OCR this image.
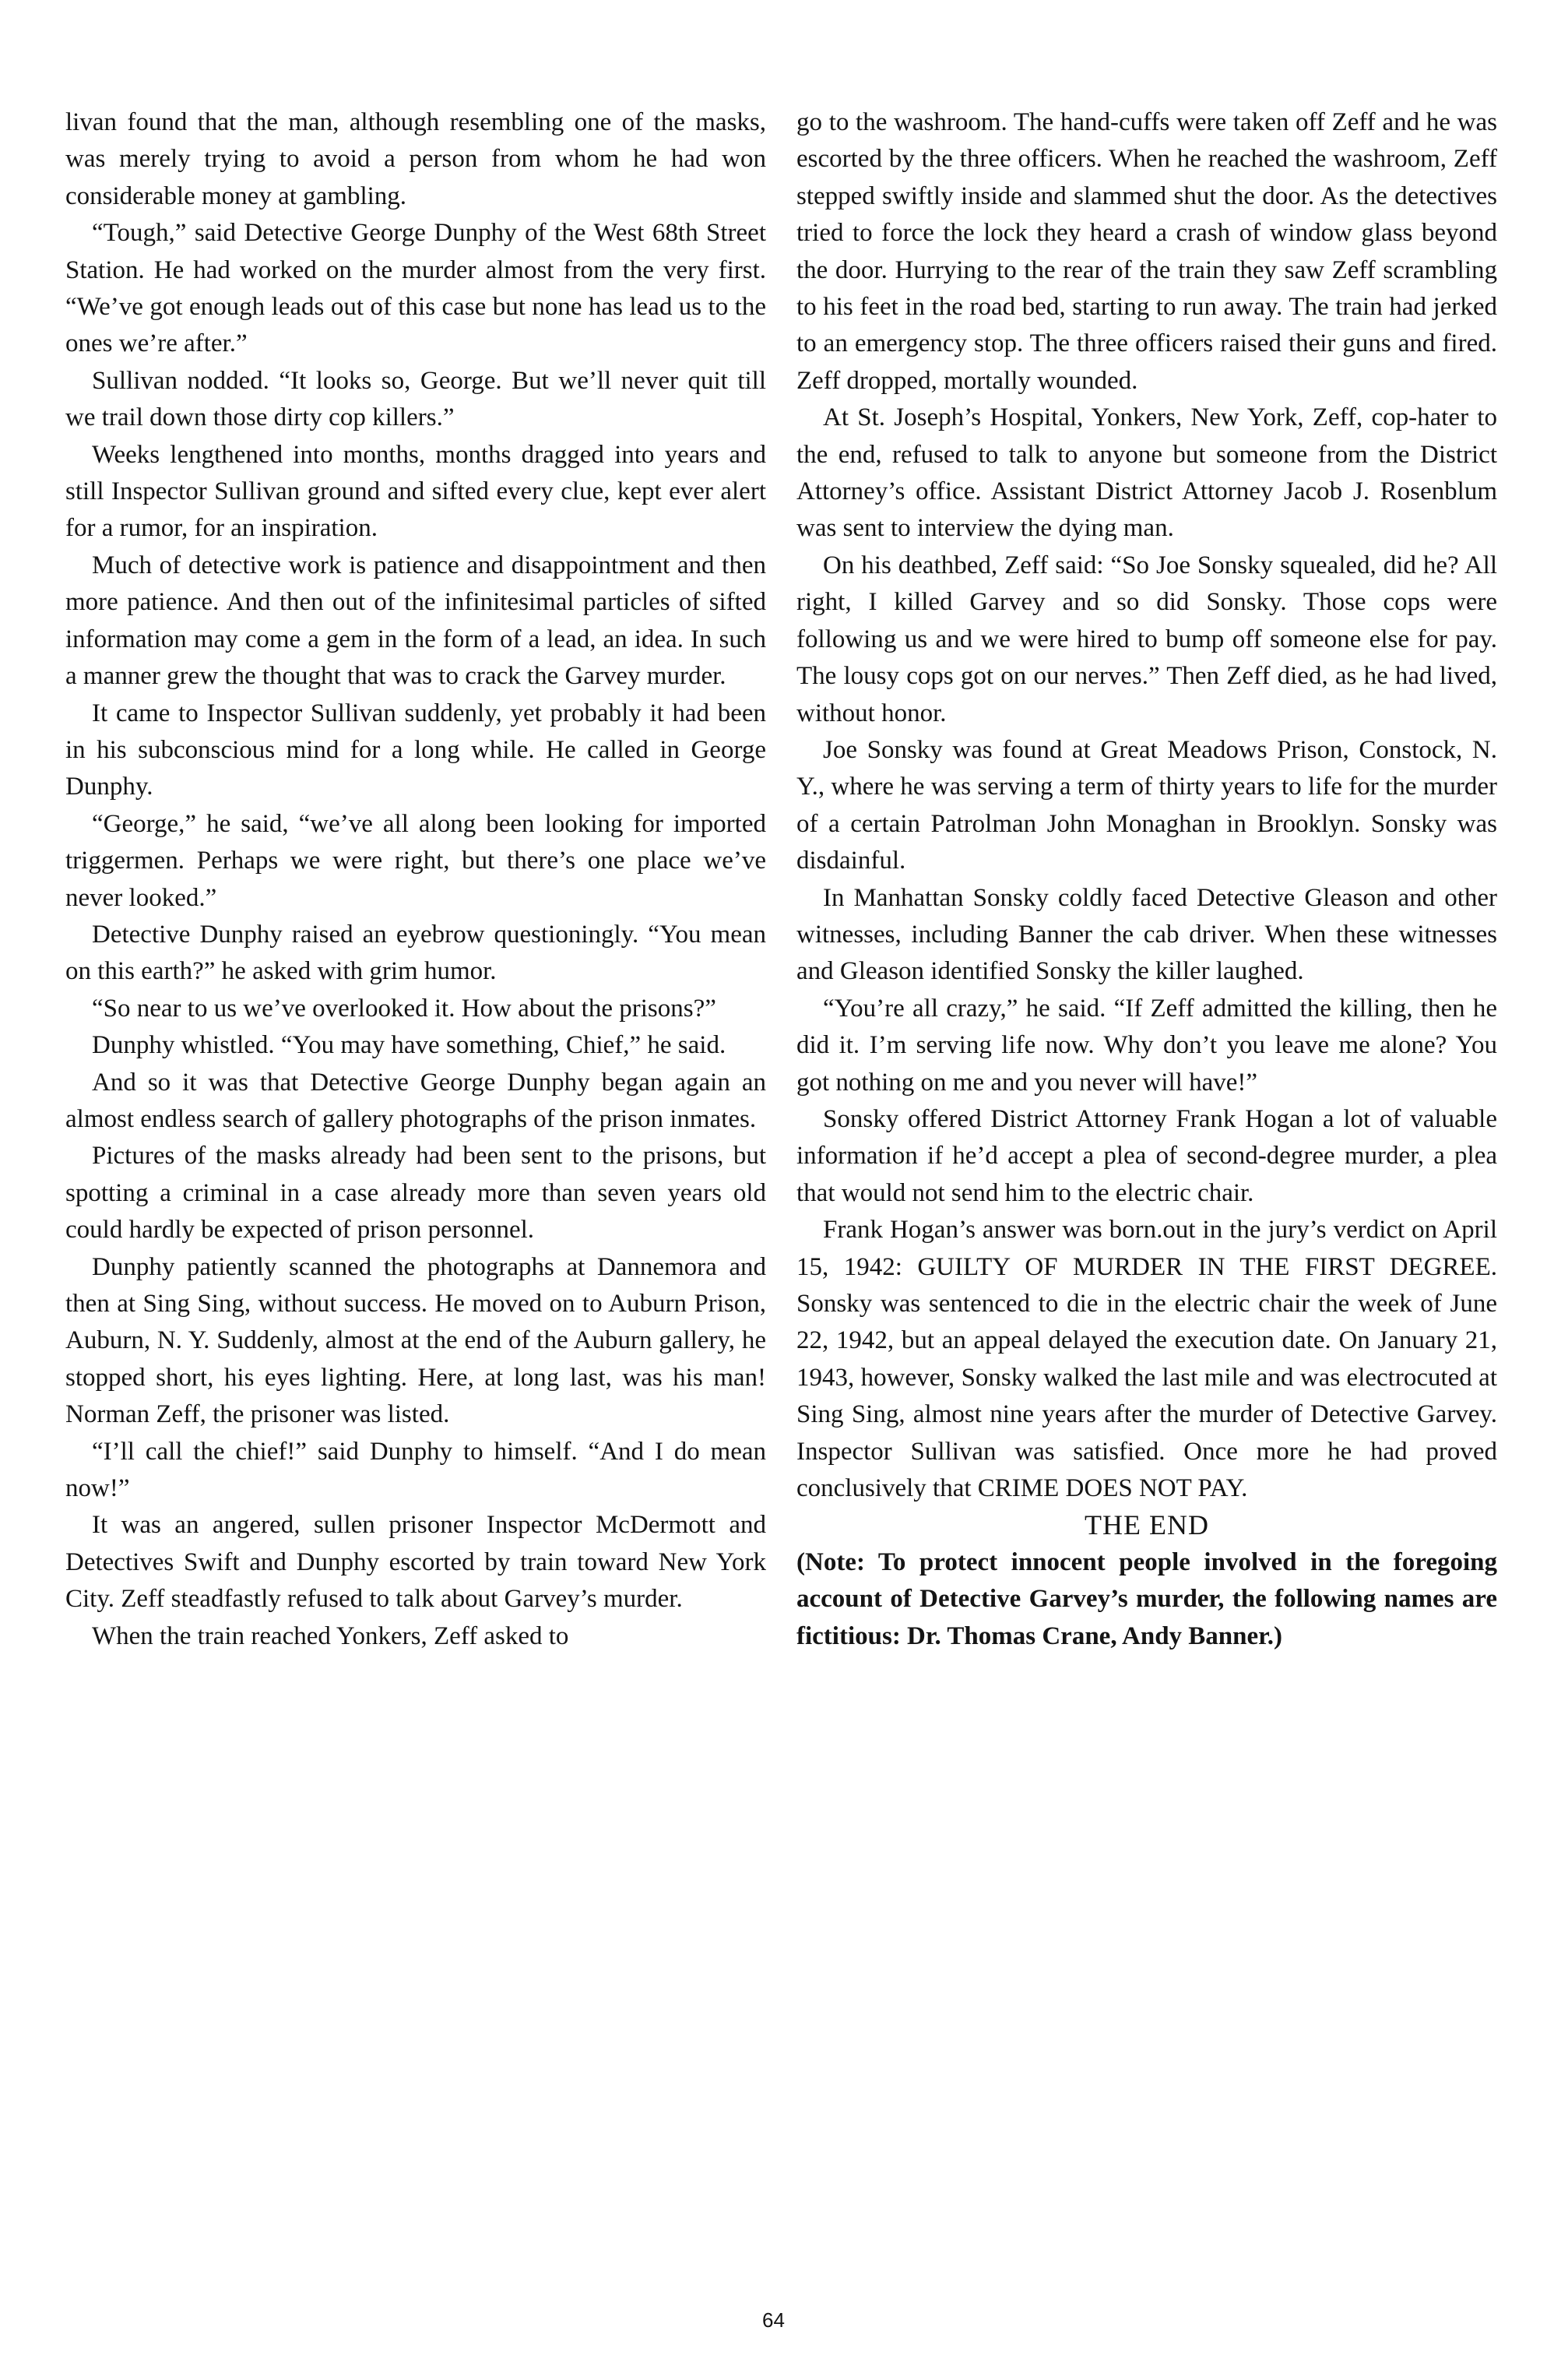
livan found that the man, although resembling one of the masks, was merely trying to avoid a person from whom he had won considerable money at gambling.

“Tough,” said Detective George Dunphy of the West 68th Street Station. He had worked on the murder almost from the very first. “We’ve got enough leads out of this case but none has lead us to the ones we’re after.”

Sullivan nodded. “It looks so, George. But we’ll never quit till we trail down those dirty cop killers.”

Weeks lengthened into months, months dragged into years and still Inspector Sullivan ground and sifted every clue, kept ever alert for a rumor, for an inspiration.

Much of detective work is patience and disappointment and then more patience. And then out of the infinitesimal particles of sifted information may come a gem in the form of a lead, an idea. In such a manner grew the thought that was to crack the Garvey murder.

It came to Inspector Sullivan suddenly, yet probably it had been in his subconscious mind for a long while. He called in George Dunphy.

“George,” he said, “we’ve all along been looking for imported triggermen. Perhaps we were right, but there’s one place we’ve never looked.”

Detective Dunphy raised an eyebrow questioningly. “You mean on this earth?” he asked with grim humor.

“So near to us we’ve overlooked it. How about the prisons?”

Dunphy whistled. “You may have something, Chief,” he said.

And so it was that Detective George Dunphy began again an almost endless search of gallery photographs of the prison inmates.

Pictures of the masks already had been sent to the prisons, but spotting a criminal in a case already more than seven years old could hardly be expected of prison personnel.

Dunphy patiently scanned the photographs at Dannemora and then at Sing Sing, without success. He moved on to Auburn Prison, Auburn, N. Y. Suddenly, almost at the end of the Auburn gallery, he stopped short, his eyes lighting. Here, at long last, was his man! Norman Zeff, the prisoner was listed.

“I’ll call the chief!” said Dunphy to himself. “And I do mean now!”

It was an angered, sullen prisoner Inspector McDermott and Detectives Swift and Dunphy escorted by train toward New York City. Zeff steadfastly refused to talk about Garvey’s murder.

When the train reached Yonkers, Zeff asked to

go to the washroom. The hand-cuffs were taken off Zeff and he was escorted by the three officers. When he reached the washroom, Zeff stepped swiftly inside and slammed shut the door. As the detectives tried to force the lock they heard a crash of window glass beyond the door. Hurrying to the rear of the train they saw Zeff scrambling to his feet in the road bed, starting to run away. The train had jerked to an emergency stop. The three officers raised their guns and fired. Zeff dropped, mortally wounded.

At St. Joseph’s Hospital, Yonkers, New York, Zeff, cop-hater to the end, refused to talk to anyone but someone from the District Attorney’s office. Assistant District Attorney Jacob J. Rosenblum was sent to interview the dying man.

On his deathbed, Zeff said: “So Joe Sonsky squealed, did he? All right, I killed Garvey and so did Sonsky. Those cops were following us and we were hired to bump off someone else for pay. The lousy cops got on our nerves.” Then Zeff died, as he had lived, without honor.

Joe Sonsky was found at Great Meadows Prison, Constock, N. Y., where he was serving a term of thirty years to life for the murder of a certain Patrolman John Monaghan in Brooklyn. Sonsky was disdainful.

In Manhattan Sonsky coldly faced Detective Gleason and other witnesses, including Banner the cab driver. When these witnesses and Gleason identified Sonsky the killer laughed.

“You’re all crazy,” he said. “If Zeff admitted the killing, then he did it. I’m serving life now. Why don’t you leave me alone? You got nothing on me and you never will have!”

Sonsky offered District Attorney Frank Hogan a lot of valuable information if he’d accept a plea of second-degree murder, a plea that would not send him to the electric chair.

Frank Hogan’s answer was born.out in the jury’s verdict on April 15, 1942: GUILTY OF MURDER IN THE FIRST DEGREE. Sonsky was sentenced to die in the electric chair the week of June 22, 1942, but an appeal delayed the execution date. On January 21, 1943, however, Sonsky walked the last mile and was electrocuted at Sing Sing, almost nine years after the murder of Detective Garvey. Inspector Sullivan was satisfied. Once more he had proved conclusively that CRIME DOES NOT PAY.

THE END

(Note: To protect innocent people involved in the foregoing account of Detective Garvey’s murder, the following names are fictitious: Dr. Thomas Crane, Andy Banner.)

64
